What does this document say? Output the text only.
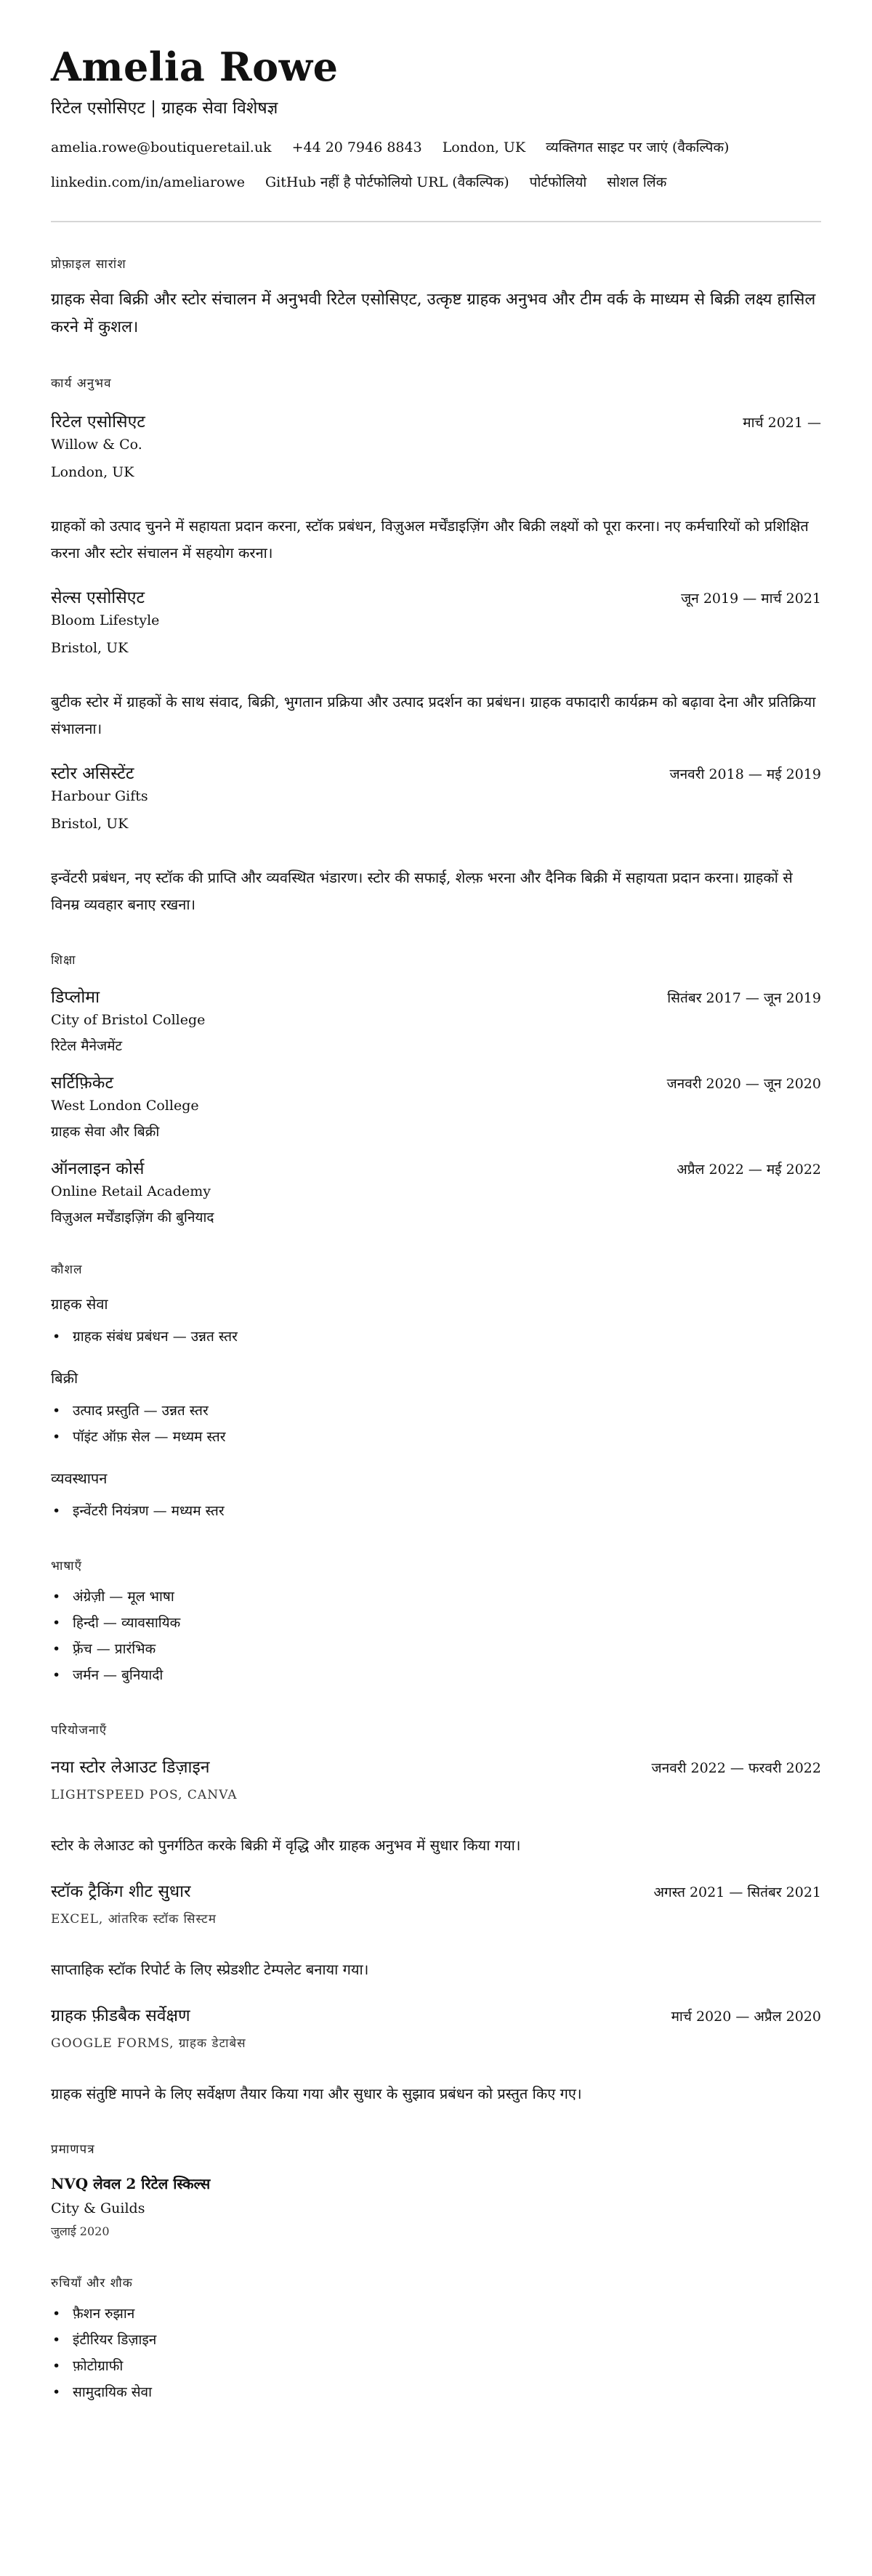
Amelia Rowe
रिटेल एसोसिएट | ग्राहक सेवा विशेषज्ञ
amelia.rowe@boutiqueretail.uk +44 20 7946 8843 London, UK व्यक्तिगत साइट पर जाएं (वैकल्पिक)
linkedin.com/in/ameliarowe GitHub नहीं है पोर्टफोलियो URL (वैकल्पिक) पोर्टफोलियो सोशल लिंक
प्रोफ़ाइल सारांश

ग्राहक सेवा बिक्री और स्टोर संचालन में अनुभवी रिटेल एसोसिएट, उत्कृष्ट ग्राहक अनुभव और टीम वर्क के माध्यम से बिक्री लक्ष्य हासिल करने में कुशल।

कार्य अनुभव
रिटेल एसोसिएट	मार्च 2021 —
Willow & Co.
London, UK

ग्राहकों को उत्पाद चुनने में सहायता प्रदान करना, स्टॉक प्रबंधन, विज़ुअल मर्चेंडाइज़िंग और बिक्री लक्ष्यों को पूरा करना। नए कर्मचारियों को प्रशिक्षित करना और स्टोर संचालन में सहयोग करना।

सेल्स एसोसिएट	जून 2019 — मार्च 2021
Bloom Lifestyle
Bristol, UK

बुटीक स्टोर में ग्राहकों के साथ संवाद, बिक्री, भुगतान प्रक्रिया और उत्पाद प्रदर्शन का प्रबंधन। ग्राहक वफादारी कार्यक्रम को बढ़ावा देना और प्रतिक्रिया संभालना।

स्टोर असिस्टेंट	जनवरी 2018 — मई 2019
Harbour Gifts
Bristol, UK

इन्वेंटरी प्रबंधन, नए स्टॉक की प्राप्ति और व्यवस्थित भंडारण। स्टोर की सफाई, शेल्फ़ भरना और दैनिक बिक्री में सहायता प्रदान करना। ग्राहकों से विनम्र व्यवहार बनाए रखना।

शिक्षा
डिप्लोमा	सितंबर 2017 — जून 2019
City of Bristol College
रिटेल मैनेजमेंट
सर्टिफ़िकेट	जनवरी 2020 — जून 2020
West London College
ग्राहक सेवा और बिक्री
ऑनलाइन कोर्स	अप्रैल 2022 — मई 2022
Online Retail Academy
विज़ुअल मर्चेंडाइज़िंग की बुनियाद
कौशल
ग्राहक सेवा
• ग्राहक संबंध प्रबंधन — उन्नत स्तर
बिक्री
• उत्पाद प्रस्तुति — उन्नत स्तर
• पॉइंट ऑफ़ सेल — मध्यम स्तर
व्यवस्थापन
• इन्वेंटरी नियंत्रण — मध्यम स्तर
भाषाएँ
• अंग्रेज़ी — मूल भाषा
• हिन्दी — व्यावसायिक
• फ़्रेंच — प्रारंभिक
• जर्मन — बुनियादी
परियोजनाएँ
नया स्टोर लेआउट डिज़ाइन	जनवरी 2022 — फरवरी 2022
LIGHTSPEED POS, CANVA

स्टोर के लेआउट को पुनर्गठित करके बिक्री में वृद्धि और ग्राहक अनुभव में सुधार किया गया।

स्टॉक ट्रैकिंग शीट सुधार	अगस्त 2021 — सितंबर 2021
EXCEL, आंतरिक स्टॉक सिस्टम

साप्ताहिक स्टॉक रिपोर्ट के लिए स्प्रेडशीट टेम्पलेट बनाया गया।

ग्राहक फ़ीडबैक सर्वेक्षण	मार्च 2020 — अप्रैल 2020
GOOGLE FORMS, ग्राहक डेटाबेस

ग्राहक संतुष्टि मापने के लिए सर्वेक्षण तैयार किया गया और सुधार के सुझाव प्रबंधन को प्रस्तुत किए गए।

प्रमाणपत्र
NVQ लेवल 2 रिटेल स्किल्स
City & Guilds
जुलाई 2020
रुचियाँ और शौक
• फ़ैशन रुझान
• इंटीरियर डिज़ाइन
• फ़ोटोग्राफी
• सामुदायिक सेवा
